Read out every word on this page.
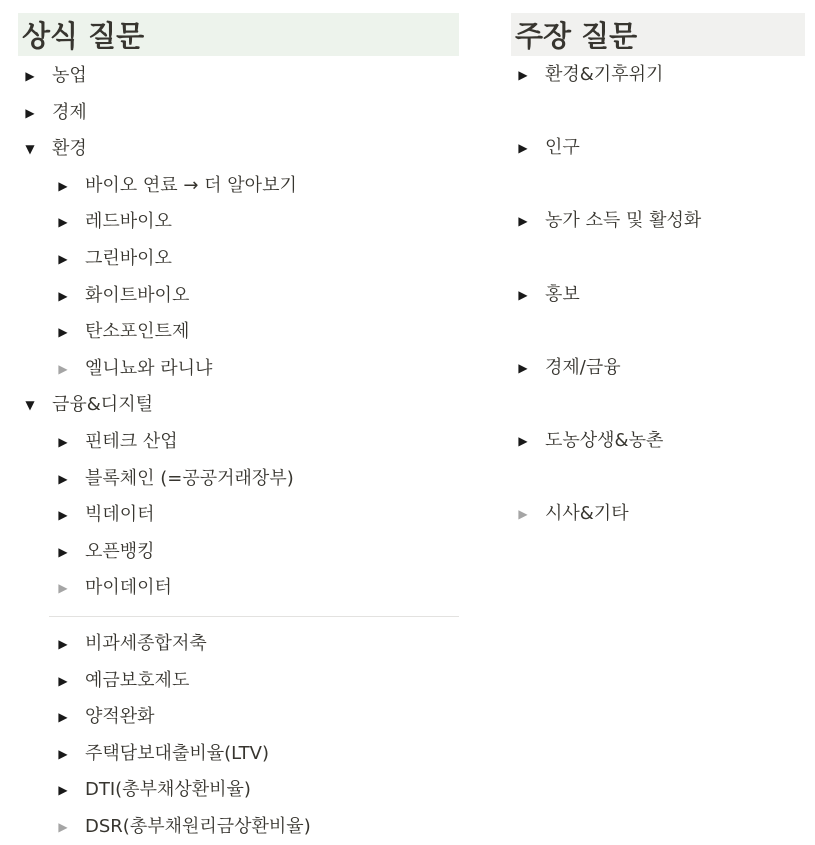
상식 질문
▶ 농업
▶ 경제
▼ 환경
▶ 바이오 연료 → 더 알아보기
▶ 레드바이오
▶ 그린바이오
▶ 화이트바이오
▶ 탄소포인트제
▶ 엘니뇨와 라니냐
▼ 금융&디지털
▶ 핀테크 산업
▶ 블록체인 (=공공거래장부)
▶ 빅데이터
▶ 오픈뱅킹
▶ 마이데이터
▶ 비과세종합저축
▶ 예금보호제도
▶ 양적완화
▶ 주택담보대출비율(LTV)
▶ DTI(총부채상환비율)
▶ DSR(총부채원리금상환비율)
주장 질문
▶ 환경&기후위기
▶ 인구
▶ 농가 소득 및 활성화
▶ 홍보
▶ 경제/금융
▶ 도농상생&농촌
▶ 시사&기타
